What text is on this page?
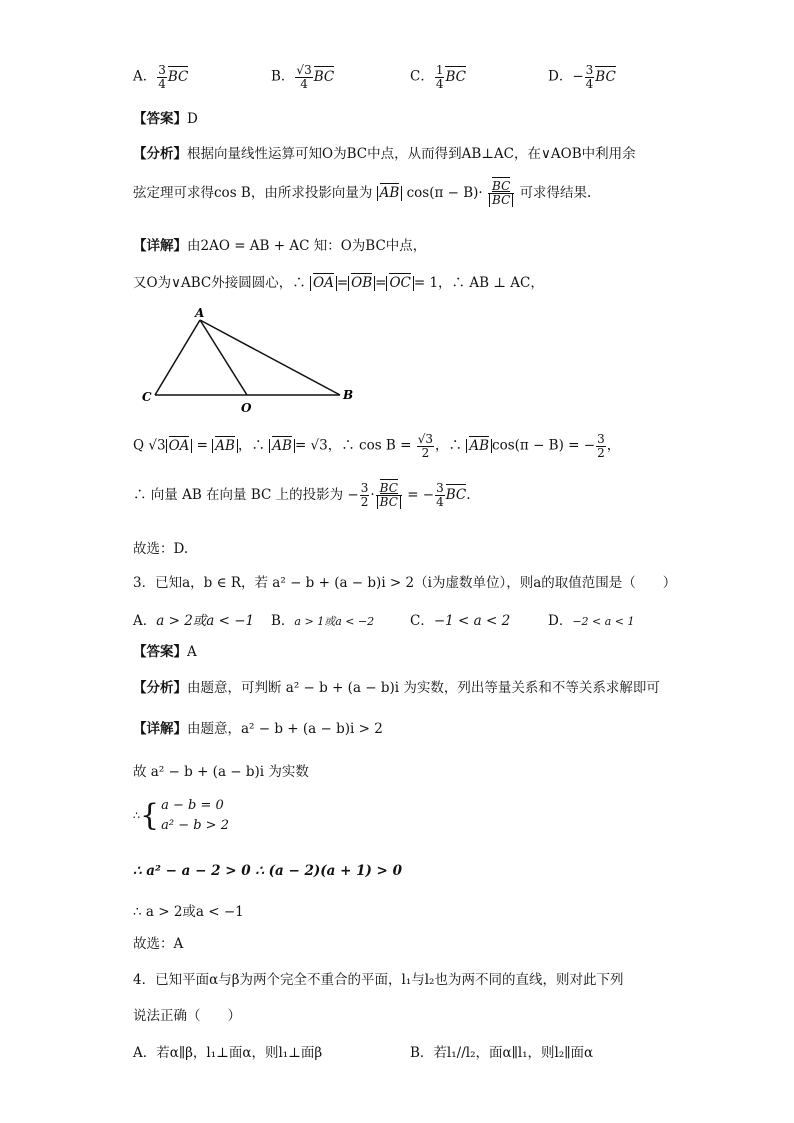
A． $\frac{3}{4}$ BC	B． $\frac{√3}{4}$ BC	C． $\frac{1}{4}$ BC	D．− $\frac{3}{4}$ BC
【答案】D
【分析】根据向量线性运算可知O为BC中点，从而得到AB⊥AC，在∨AOB中利用余
弦定理可求得cos B，由所求投影向量为 AB $\cos(\pi - B)\cdot \frac{BC}{BC}$ 可求得结果.
【详解】由2AO = AB + AC 知：O为BC中点，
又O为∨ABC外接圆圆心，∴ OA = OB = OC = 1，∴ AB ⊥ AC，
A
B
C
O
Q √3 OA = AB ，∴ AB = √3，∴ $\cos B = \frac{√3}{2}$ ，∴ AB cos(π − B) = − $\frac{3}{2}$ ，
∴ 向量 AB 在向量 BC 上的投影为 − $\frac{3}{2} \cdot \frac{BC}{BC}$ = − $\frac{3}{4}$ BC.
故选：D.
3．已知a，b ∈ R，若 a² − b + (a − b)i > 2（i为虚数单位），则a的取值范围是（　　）
A．a > 2或a < −1 B．a > 1或a < −2	C．−1 < a < 2	D．−2 < a < 1
【答案】A
【分析】由题意，可判断 a² − b + (a − b)i 为实数，列出等量关系和不等关系求解即可
【详解】由题意，a² − b + (a − b)i > 2
故 a² − b + (a − b)i 为实数
∴{ a − b = 0
a² − b > 2
∴ a² − a − 2 > 0 ∴ (a − 2)(a + 1) > 0
∴ a > 2或a < −1
故选：A
4．已知平面α与β为两个完全不重合的平面，l₁与l₂也为两不同的直线，则对此下列
说法正确（　　）
A．若α∥β，l₁⊥面α，则l₁⊥面β	B．若l₁//l₂，面α∥l₁，则l₂∥面α
